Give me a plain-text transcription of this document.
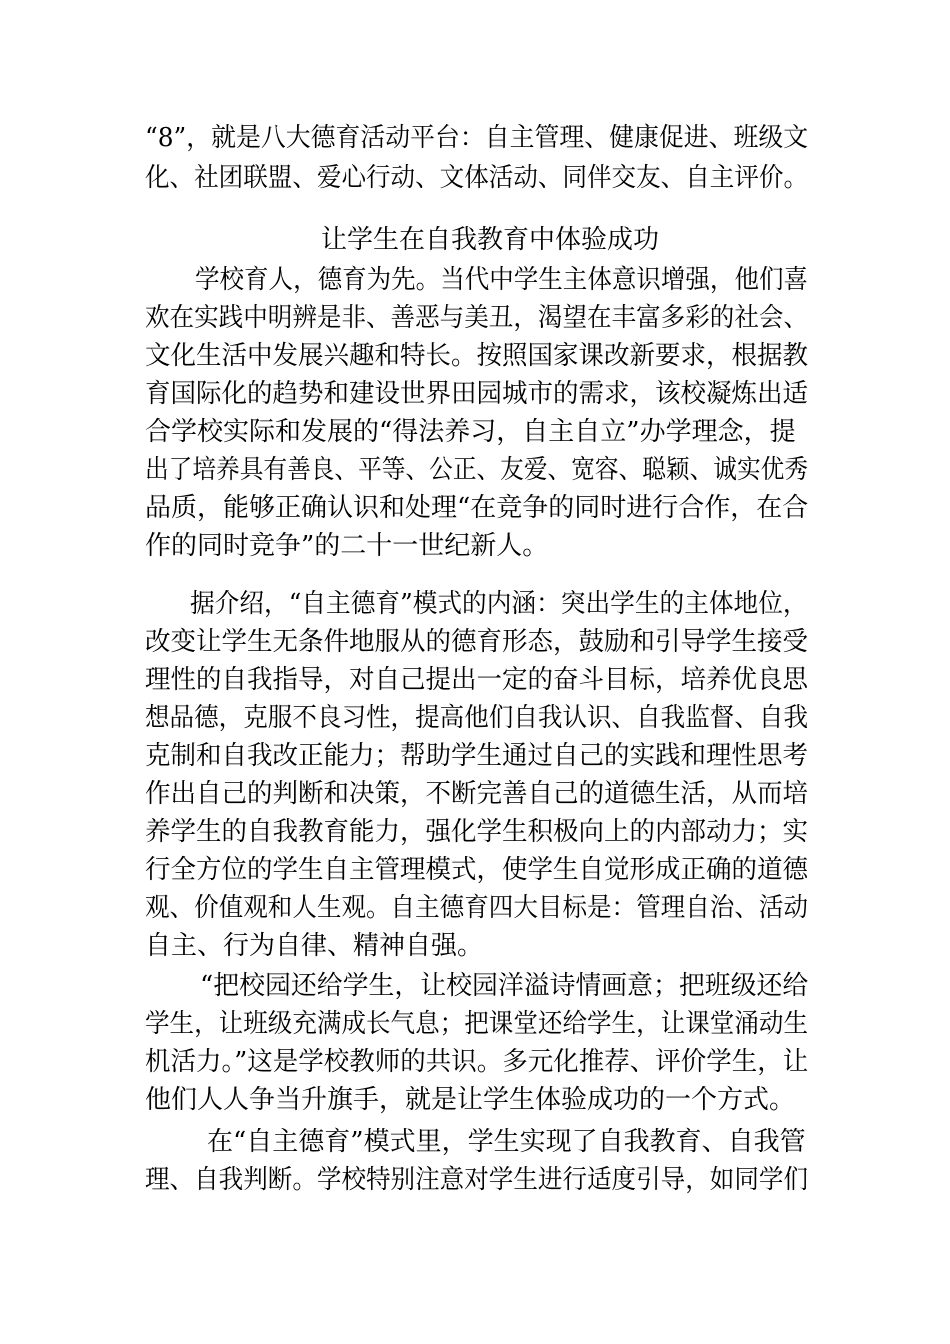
“8”，就是八大德育活动平台：自主管理、健康促进、班级文
化、社团联盟、爱心行动、文体活动、同伴交友、自主评价。
让学生在自我教育中体验成功
学校育人，德育为先。当代中学生主体意识增强，他们喜
欢在实践中明辨是非、善恶与美丑，渴望在丰富多彩的社会、
文化生活中发展兴趣和特长。按照国家课改新要求，根据教
育国际化的趋势和建设世界田园城市的需求，该校凝炼出适
合学校实际和发展的“得法养习，自主自立”办学理念，提
出了培养具有善良、平等、公正、友爱、宽容、聪颖、诚实优秀
品质，能够正确认识和处理“在竞争的同时进行合作，在合
作的同时竞争”的二十一世纪新人。
据介绍，“自主德育”模式的内涵：突出学生的主体地位，
改变让学生无条件地服从的德育形态，鼓励和引导学生接受
理性的自我指导，对自己提出一定的奋斗目标，培养优良思
想品德，克服不良习性，提高他们自我认识、自我监督、自我
克制和自我改正能力；帮助学生通过自己的实践和理性思考
作出自己的判断和决策，不断完善自己的道德生活，从而培
养学生的自我教育能力，强化学生积极向上的内部动力；实
行全方位的学生自主管理模式，使学生自觉形成正确的道德
观、价值观和人生观。自主德育四大目标是：管理自治、活动
自主、行为自律、精神自强。
“把校园还给学生，让校园洋溢诗情画意；把班级还给
学生，让班级充满成长气息；把课堂还给学生，让课堂涌动生
机活力。”这是学校教师的共识。多元化推荐、评价学生，让
他们人人争当升旗手，就是让学生体验成功的一个方式。
在“自主德育”模式里，学生实现了自我教育、自我管
理、自我判断。学校特别注意对学生进行适度引导，如同学们
